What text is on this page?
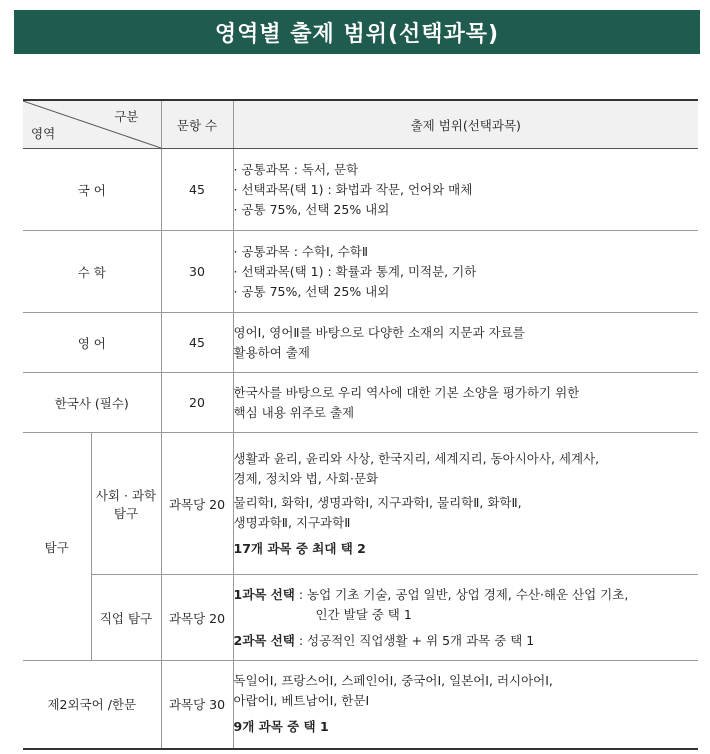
영역별 출제 범위(선택과목)
구분
영역		문항 수	출제 범위(선택과목)
국 어		45	· 공통과목 : 독서, 문학
· 선택과목(택 1) : 화법과 작문, 언어와 매체
· 공통 75%, 선택 25% 내외

수 학		30	· 공통과목 : 수학Ⅰ, 수학Ⅱ
· 선택과목(택 1) : 확률과 통계, 미적분, 기하
· 공통 75%, 선택 25% 내외

영 어		45	영어Ⅰ, 영어Ⅱ를 바탕으로 다양한 소재의 지문과 자료를
활용하여 출제

한국사 (필수)		20	한국사를 바탕으로 우리 역사에 대한 기본 소양을 평가하기 위한
핵심 내용 위주로 출제

탐구	사회 · 과학 탐구	과목당 20	생활과 윤리, 윤리와 사상, 한국지리, 세계지리, 동아시아사, 세계사,
경제, 정치와 법, 사회·문화
물리학Ⅰ, 화학Ⅰ, 생명과학Ⅰ, 지구과학Ⅰ, 물리학Ⅱ, 화학Ⅱ,
생명과학Ⅱ, 지구과학Ⅱ
17개 과목 중 최대 택 2

	직업 탐구	과목당 20	1과목 선택 : 농업 기초 기술, 공업 일반, 상업 경제, 수산·해운 산업 기초,
인간 발달 중 택 1
2과목 선택 : 성공적인 직업생활 + 위 5개 과목 중 택 1

제2외국어 /한문		과목당 30	독일어Ⅰ, 프랑스어Ⅰ, 스페인어Ⅰ, 중국어Ⅰ, 일본어Ⅰ, 러시아어Ⅰ,
아랍어Ⅰ, 베트남어Ⅰ, 한문Ⅰ
9개 과목 중 택 1
